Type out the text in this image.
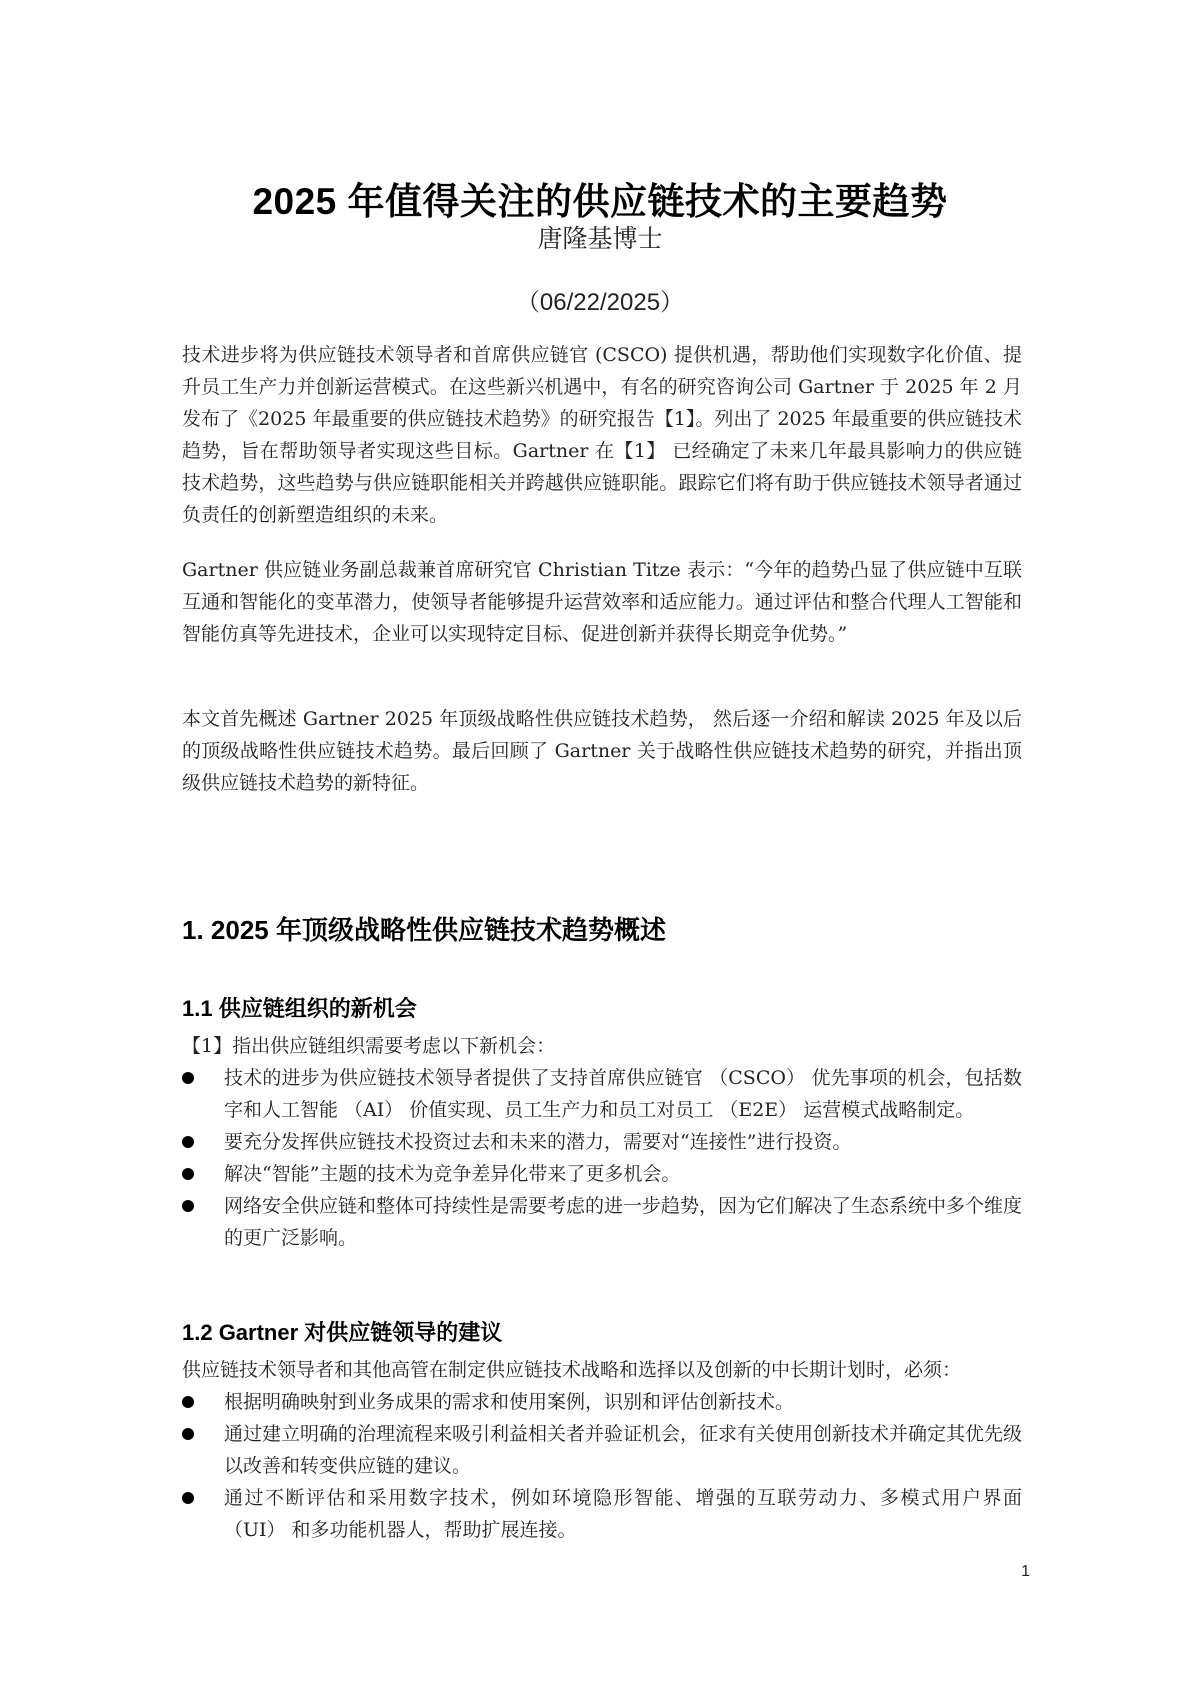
2025 年值得关注的供应链技术的主要趋势
唐隆基博士
（06/22/2025）

技术进步将为供应链技术领导者和首席供应链官 (CSCO) 提供机遇，帮助他们实现数字化价值、提升员工生产力并创新运营模式。在这些新兴机遇中，有名的研究咨询公司 Gartner 于 2025 年 2 月发布了《2025 年最重要的供应链技术趋势》的研究报告【1】。列出了 2025 年最重要的供应链技术趋势，旨在帮助领导者实现这些目标。Gartner 在【1】 已经确定了未来几年最具影响力的供应链技术趋势，这些趋势与供应链职能相关并跨越供应链职能。跟踪它们将有助于供应链技术领导者通过负责任的创新塑造组织的未来。

Gartner 供应链业务副总裁兼首席研究官 Christian Titze 表示：“今年的趋势凸显了供应链中互联互通和智能化的变革潜力，使领导者能够提升运营效率和适应能力。通过评估和整合代理人工智能和智能仿真等先进技术，企业可以实现特定目标、促进创新并获得长期竞争优势。”

本文首先概述 Gartner 2025 年顶级战略性供应链技术趋势， 然后逐一介绍和解读 2025 年及以后的顶级战略性供应链技术趋势。最后回顾了 Gartner 关于战略性供应链技术趋势的研究，并指出顶级供应链技术趋势的新特征。

1. 2025 年顶级战略性供应链技术趋势概述
1.1 供应链组织的新机会

【1】指出供应链组织需要考虑以下新机会：

技术的进步为供应链技术领导者提供了支持首席供应链官 （CSCO） 优先事项的机会，包括数字和人工智能 （AI） 价值实现、员工生产力和员工对员工 （E2E） 运营模式战略制定。
要充分发挥供应链技术投资过去和未来的潜力，需要对“连接性”进行投资。
解决“智能”主题的技术为竞争差异化带来了更多机会。
网络安全供应链和整体可持续性是需要考虑的进一步趋势，因为它们解决了生态系统中多个维度的更广泛影响。
1.2 Gartner 对供应链领导的建议

供应链技术领导者和其他高管在制定供应链技术战略和选择以及创新的中长期计划时，必须：

根据明确映射到业务成果的需求和使用案例，识别和评估创新技术。
通过建立明确的治理流程来吸引利益相关者并验证机会，征求有关使用创新技术并确定其优先级以改善和转变供应链的建议。
通过不断评估和采用数字技术，例如环境隐形智能、增强的互联劳动力、多模式用户界面 （UI） 和多功能机器人，帮助扩展连接。
1
